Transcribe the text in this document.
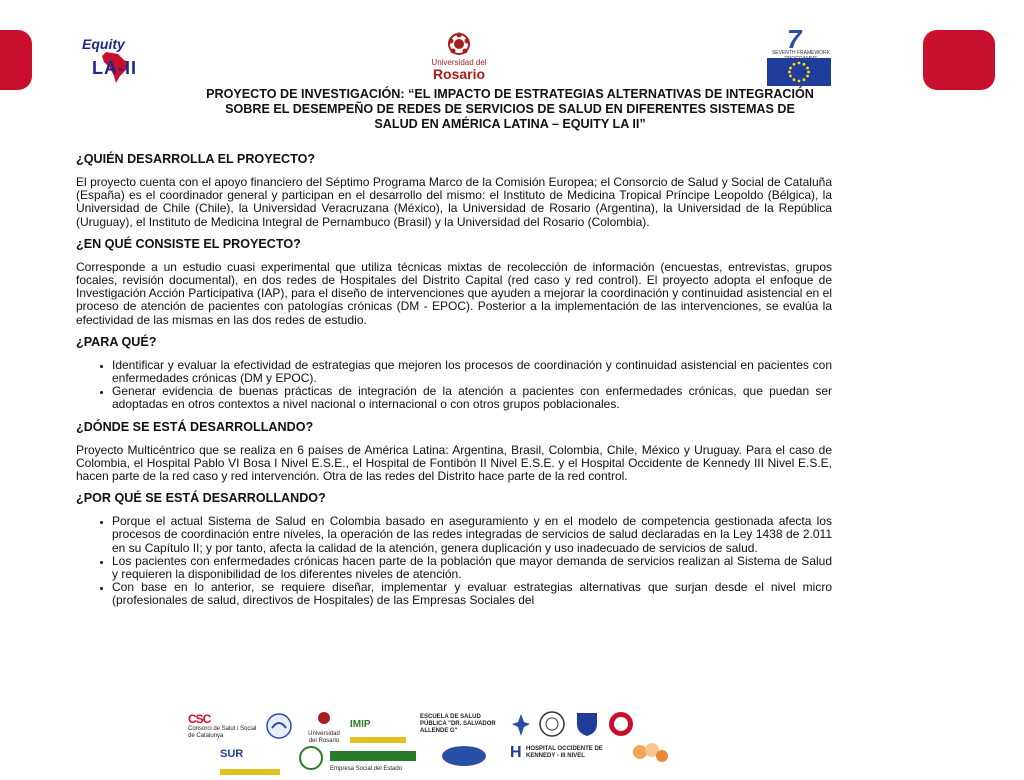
Equity
LA-II	Universidad del
Rosario
7
SEVENTH FRAMEWORK
PROYECTO DE INVESTIGACIÓN: “EL IMPACTO DE ESTRATEGIAS ALTERNATIVAS DE INTEGRACIÓN
SOBRE EL DESEMPEÑO DE REDES DE SERVICIOS DE SALUD EN DIFERENTES SISTEMAS DE
SALUD EN AMÉRICA LATINA – EQUITY LA II”
¿QUIÉN DESARROLLA EL PROYECTO?

El proyecto cuenta con el apoyo financiero del Séptimo Programa Marco de la Comisión Europea; el Consorcio de Salud y Social de Cataluña (España) es el coordinador general y participan en el desarrollo del mismo: el Instituto de Medicina Tropical Príncipe Leopoldo (Bélgica), la Universidad de Chile (Chile), la Universidad Veracruzana (México), la Universidad de Rosario (Argentina), la Universidad de la República (Uruguay), el Instituto de Medicina Integral de Pernambuco (Brasil) y la Universidad del Rosario (Colombia).

¿EN QUÉ CONSISTE EL PROYECTO?

Corresponde a un estudio cuasi experimental que utiliza técnicas mixtas de recolección de información (encuestas, entrevistas, grupos focales, revisión documental), en dos redes de Hospitales del Distrito Capital (red caso y red control). El proyecto adopta el enfoque de Investigación Acción Participativa (IAP), para el diseño de intervenciones que ayuden a mejorar la coordinación y continuidad asistencial en el proceso de atención de pacientes con patologías crónicas (DM - EPOC). Posterior a la implementación de las intervenciones, se evalúa la efectividad de las mismas en las dos redes de estudio.

¿PARA QUÉ?
• Identificar y evaluar la efectividad de estrategias que mejoren los procesos de coordinación y continuidad asistencial en pacientes con enfermedades crónicas (DM y EPOC).
• Generar evidencia de buenas prácticas de integración de la atención a pacientes con enfermedades crónicas, que puedan ser adoptadas en otros contextos a nivel nacional o internacional o con otros grupos poblacionales.
¿DÓNDE SE ESTÁ DESARROLLANDO?

Proyecto Multicéntrico que se realiza en 6 países de América Latina: Argentina, Brasil, Colombia, Chile, México y Uruguay. Para el caso de Colombia, el Hospital Pablo VI Bosa I Nivel E.S.E., el Hospital de Fontibón II Nivel E.S.E. y el Hospital Occidente de Kennedy III Nivel E.S.E, hacen parte de la red caso y red intervención. Otra de las redes del Distrito hace parte de la red control.

¿POR QUÉ SE ESTÁ DESARROLLANDO?
• Porque el actual Sistema de Salud en Colombia basado en aseguramiento y en el modelo de competencia gestionada afecta los procesos de coordinación entre niveles, la operación de las redes integradas de servicios de salud declaradas en la Ley 1438 de 2.011 en su Capítulo II; y por tanto, afecta la calidad de la atención, genera duplicación y uso inadecuado de servicios de salud.
• Los pacientes con enfermedades crónicas hacen parte de la población que mayor demanda de servicios realizan al Sistema de Salud y requieren la disponibilidad de los diferentes niveles de atención.
• Con base en lo anterior, se requiere diseñar, implementar y evaluar estrategias alternativas que surjan desde el nivel micro (profesionales de salud, directivos de Hospitales) de las Empresas Sociales del
CSC
Consorci de Salut i Social de Catalunya	Universidad del Rosario
IMIP
ESCUELA DE SALUD PÚBLICA "DR. SALVADOR ALLENDE G"
SUR
Empresa Social del Estado
H HOSPITAL OCCIDENTE DE KENNEDY - III NIVEL
